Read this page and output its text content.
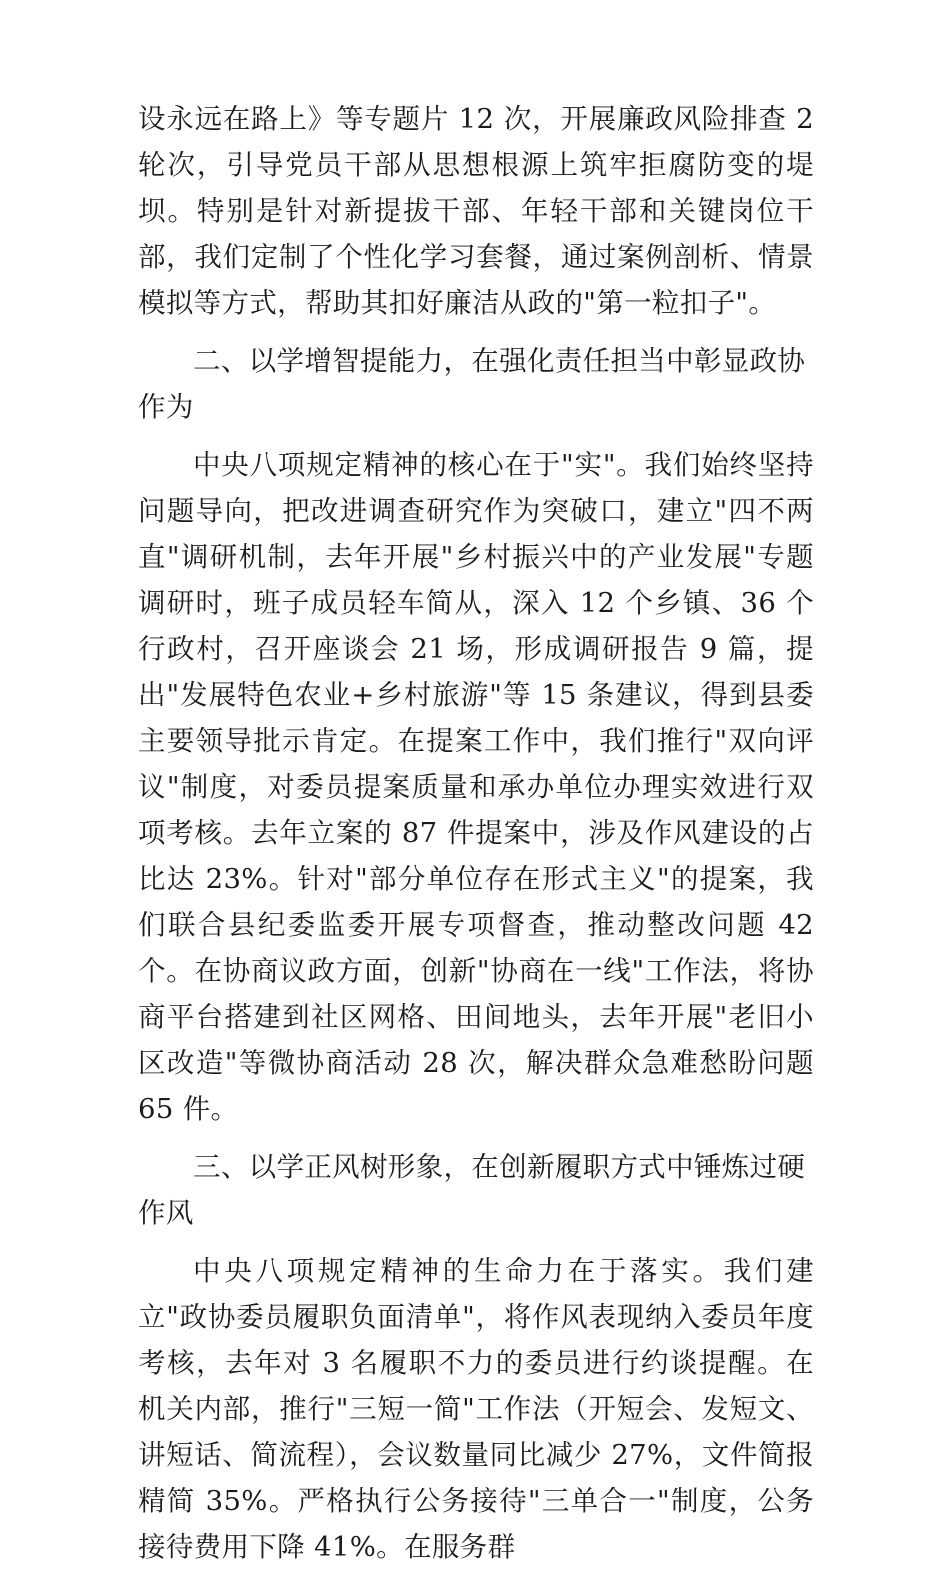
设永远在路上》等专题片 12 次，开展廉政风险排查 2 轮次，引导党员干部从思想根源上筑牢拒腐防变的堤坝。特别是针对新提拔干部、年轻干部和关键岗位干部，我们定制了个性化学习套餐，通过案例剖析、情景模拟等方式，帮助其扣好廉洁从政的"第一粒扣子"。

二、以学增智提能力，在强化责任担当中彰显政协作为

中央八项规定精神的核心在于"实"。我们始终坚持问题导向，把改进调查研究作为突破口，建立"四不两直"调研机制，去年开展"乡村振兴中的产业发展"专题调研时，班子成员轻车简从，深入 12 个乡镇、36 个行政村，召开座谈会 21 场，形成调研报告 9 篇，提出"发展特色农业+乡村旅游"等 15 条建议，得到县委主要领导批示肯定。在提案工作中，我们推行"双向评议"制度，对委员提案质量和承办单位办理实效进行双项考核。去年立案的 87 件提案中，涉及作风建设的占比达 23%。针对"部分单位存在形式主义"的提案，我们联合县纪委监委开展专项督查，推动整改问题 42 个。在协商议政方面，创新"协商在一线"工作法，将协商平台搭建到社区网格、田间地头，去年开展"老旧小区改造"等微协商活动 28 次，解决群众急难愁盼问题 65 件。

三、以学正风树形象，在创新履职方式中锤炼过硬作风

中央八项规定精神的生命力在于落实。我们建立"政协委员履职负面清单"，将作风表现纳入委员年度考核，去年对 3 名履职不力的委员进行约谈提醒。在机关内部，推行"三短一简"工作法（开短会、发短文、讲短话、简流程），会议数量同比减少 27%，文件简报精简 35%。严格执行公务接待"三单合一"制度，公务接待费用下降 41%。在服务群
